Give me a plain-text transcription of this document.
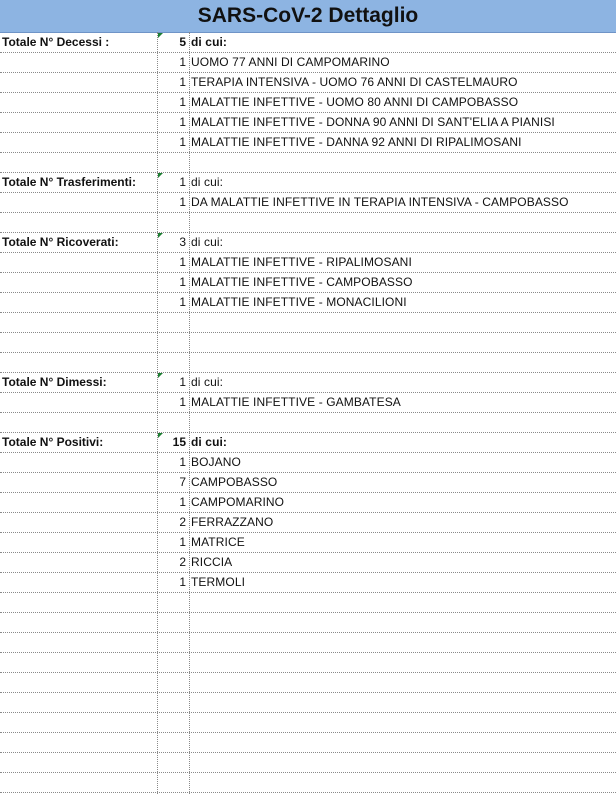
SARS-CoV-2 Dettaglio
Totale N° Decessi :	5 di cui:
1 UOMO 77 ANNI DI CAMPOMARINO
1 TERAPIA INTENSIVA - UOMO 76 ANNI DI CASTELMAURO
1 MALATTIE INFETTIVE - UOMO 80 ANNI DI CAMPOBASSO
1 MALATTIE INFETTIVE - DONNA 90 ANNI DI SANT'ELIA A PIANISI
1 MALATTIE INFETTIVE - DANNA 92 ANNI DI RIPALIMOSANI
Totale N° Trasferimenti:	1 di cui:
1 DA MALATTIE INFETTIVE IN TERAPIA INTENSIVA - CAMPOBASSO
Totale N° Ricoverati:	3 di cui:
1 MALATTIE INFETTIVE - RIPALIMOSANI
1 MALATTIE INFETTIVE - CAMPOBASSO
1 MALATTIE INFETTIVE - MONACILIONI
Totale N° Dimessi:	1 di cui:
1 MALATTIE INFETTIVE - GAMBATESA
Totale N° Positivi:	15 di cui:
1 BOJANO
7 CAMPOBASSO
1 CAMPOMARINO
2 FERRAZZANO
1 MATRICE
2 RICCIA
1 TERMOLI
